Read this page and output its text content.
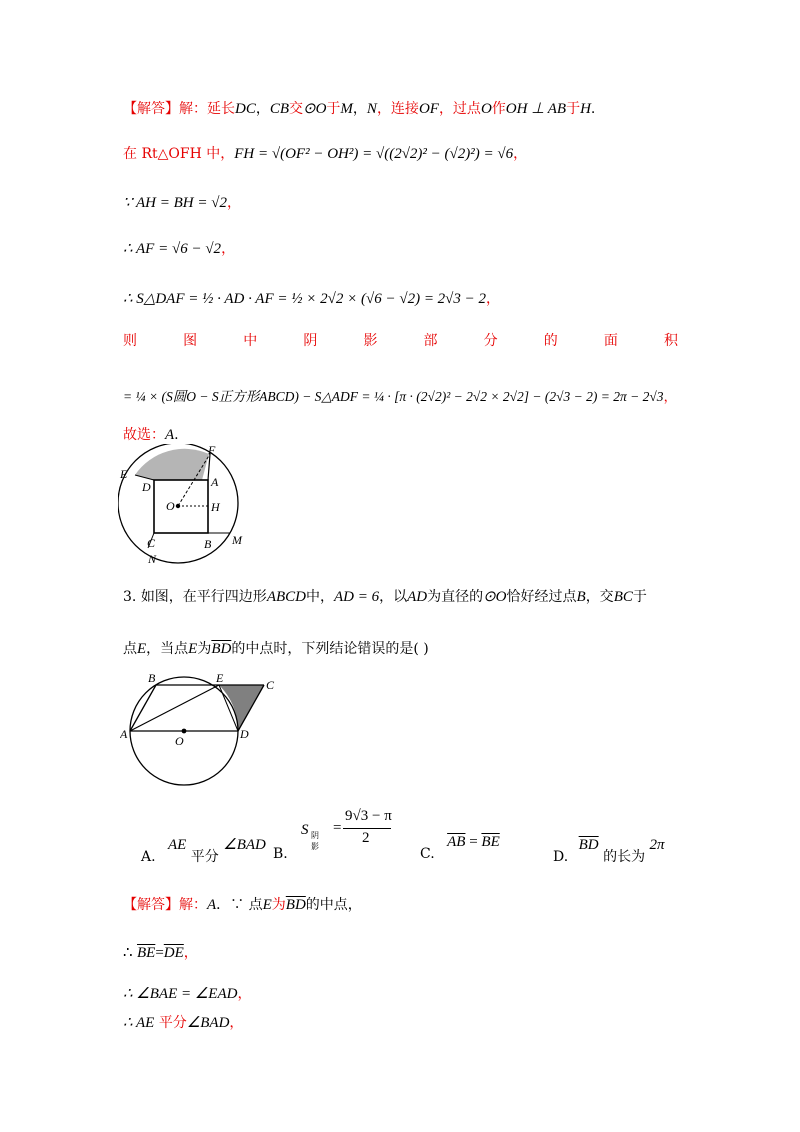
【解答】解：延长DC，CB交⊙O于M，N，连接OF，过点O作OH ⊥ AB于H.
在 Rt△OFH 中，FH = √(OF² − OH²) = √((2√2)² − (√2)²) = √6，
∵ AH = BH = √2，
∴ AF = √6 − √2，
∴ S△DAF = ½ · AD · AF = ½ × 2√2 × (√6 − √2) = 2√3 − 2，
则	图	中	阴	影	部	分	的	面	积
= ¼ × (S圆O − S正方形ABCD) − S△ADF = ¼ · [π · (2√2)² − 2√2 × 2√2] − (2√3 − 2) = 2π − 2√3，
故选：A.
E
F
D	A
O	H
C	B M
N
3. 如图，在平行四边形ABCD中，AD = 6，以AD为直径的⊙O恰好经过点B，交BC于
点E，当点E为$\overline{BD}$的中点时，下列结论错误的是( )
B	E	C
A	O	D
A. AE 平分 ∠BAD
B.
S 阴影
=
9√3 − π
2
C. $\overline{AB} = \overline{BE}$
D. $\overline{BD}$ 的长为 2π
【解答】解：A．∵ 点E为$\overline{BD}$的中点，
∴ $\overline{BE}=\overline{DE}$，
∴ ∠BAE = ∠EAD，
∴ AE 平分∠BAD，
